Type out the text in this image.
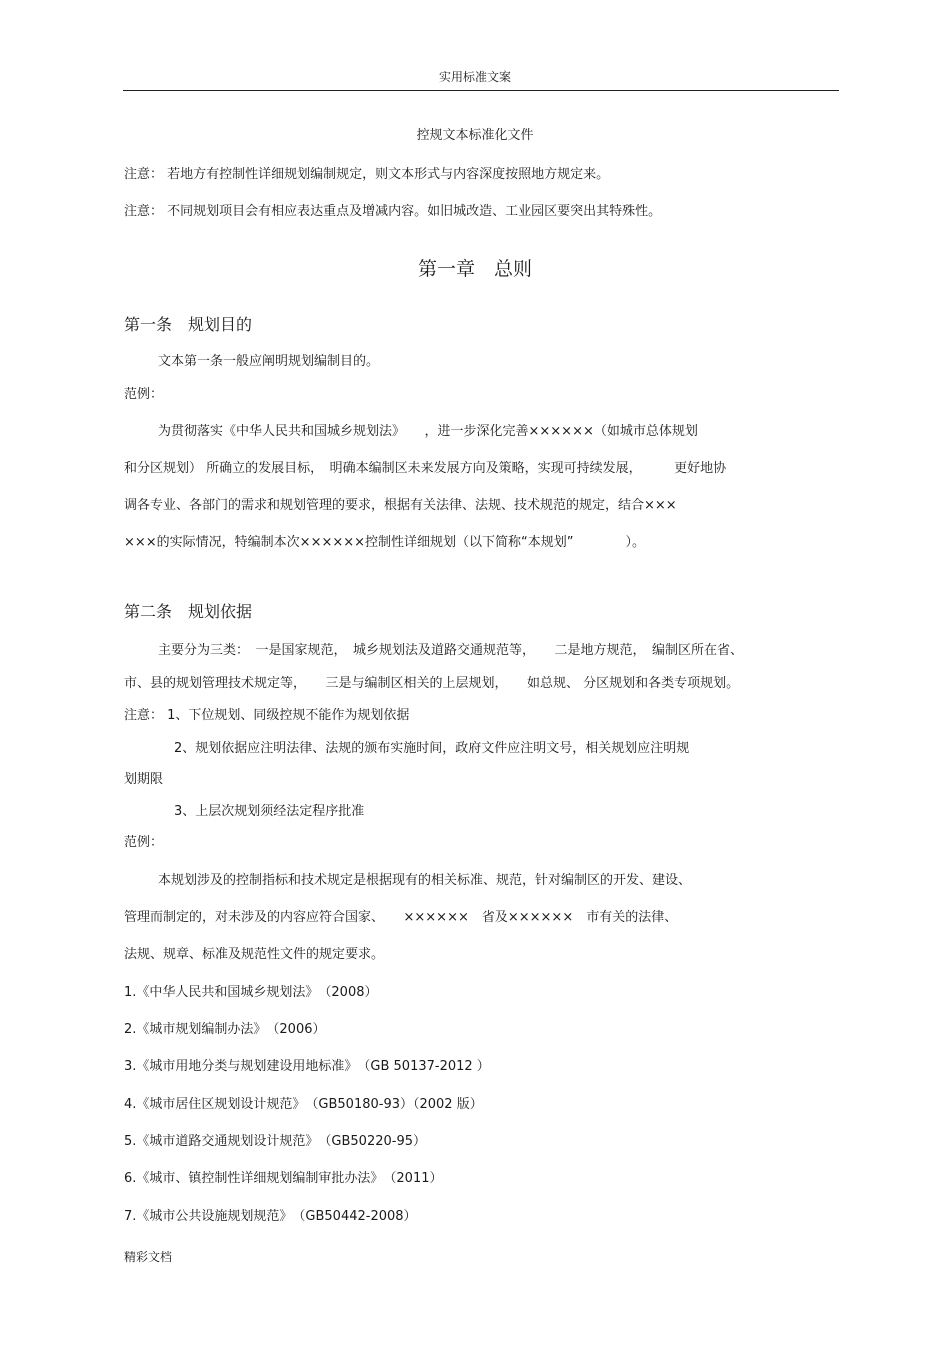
实用标准文案
控规文本标准化文件
注意： 若地方有控制性详细规划编制规定，则文本形式与内容深度按照地方规定来。
注意： 不同规划项目会有相应表达重点及增减内容。如旧城改造、工业园区要突出其特殊性。
第一章　总则
第一条　规划目的
文本第一条一般应阐明规划编制目的。
范例：
为贯彻落实《中华人民共和国城乡规划法》　　，进一步深化完善××××××（如城市总体规划
和分区规划） 所确立的发展目标，　明确本编制区未来发展方向及策略，实现可持续发展，　　　更好地协
调各专业、各部门的需求和规划管理的要求，根据有关法律、法规、技术规范的规定，结合×××
×××的实际情况，特编制本次××××××控制性详细规划（以下简称“本规划”　　　　）。
第二条　规划依据
主要分为三类：　一是国家规范，　城乡规划法及道路交通规范等，　　二是地方规范，　编制区所在省、
市、县的规划管理技术规定等，　　三是与编制区相关的上层规划，　　如总规、 分区规划和各类专项规划。
注意： 1、下位规划、同级控规不能作为规划依据
2、规划依据应注明法律、法规的颁布实施时间，政府文件应注明文号，相关规划应注明规
划期限
3、上层次规划须经法定程序批准
范例：
本规划涉及的控制指标和技术规定是根据现有的相关标准、规范，针对编制区的开发、建设、
管理而制定的，对未涉及的内容应符合国家、　　××××××　省及××××××　市有关的法律、
法规、规章、标准及规范性文件的规定要求。
1.《中华人民共和国城乡规划法》　（2008）
2.《城市规划编制办法》　（2006）
3.《城市用地分类与规划建设用地标准》　（GB 50137-2012 ）
4.《城市居住区规划设计规范》　（GB50180-93）（2002 版）
5.《城市道路交通规划设计规范》　（GB50220-95）
6.《城市、镇控制性详细规划编制审批办法》　（2011）
7.《城市公共设施规划规范》　（GB50442-2008）
精彩文档
